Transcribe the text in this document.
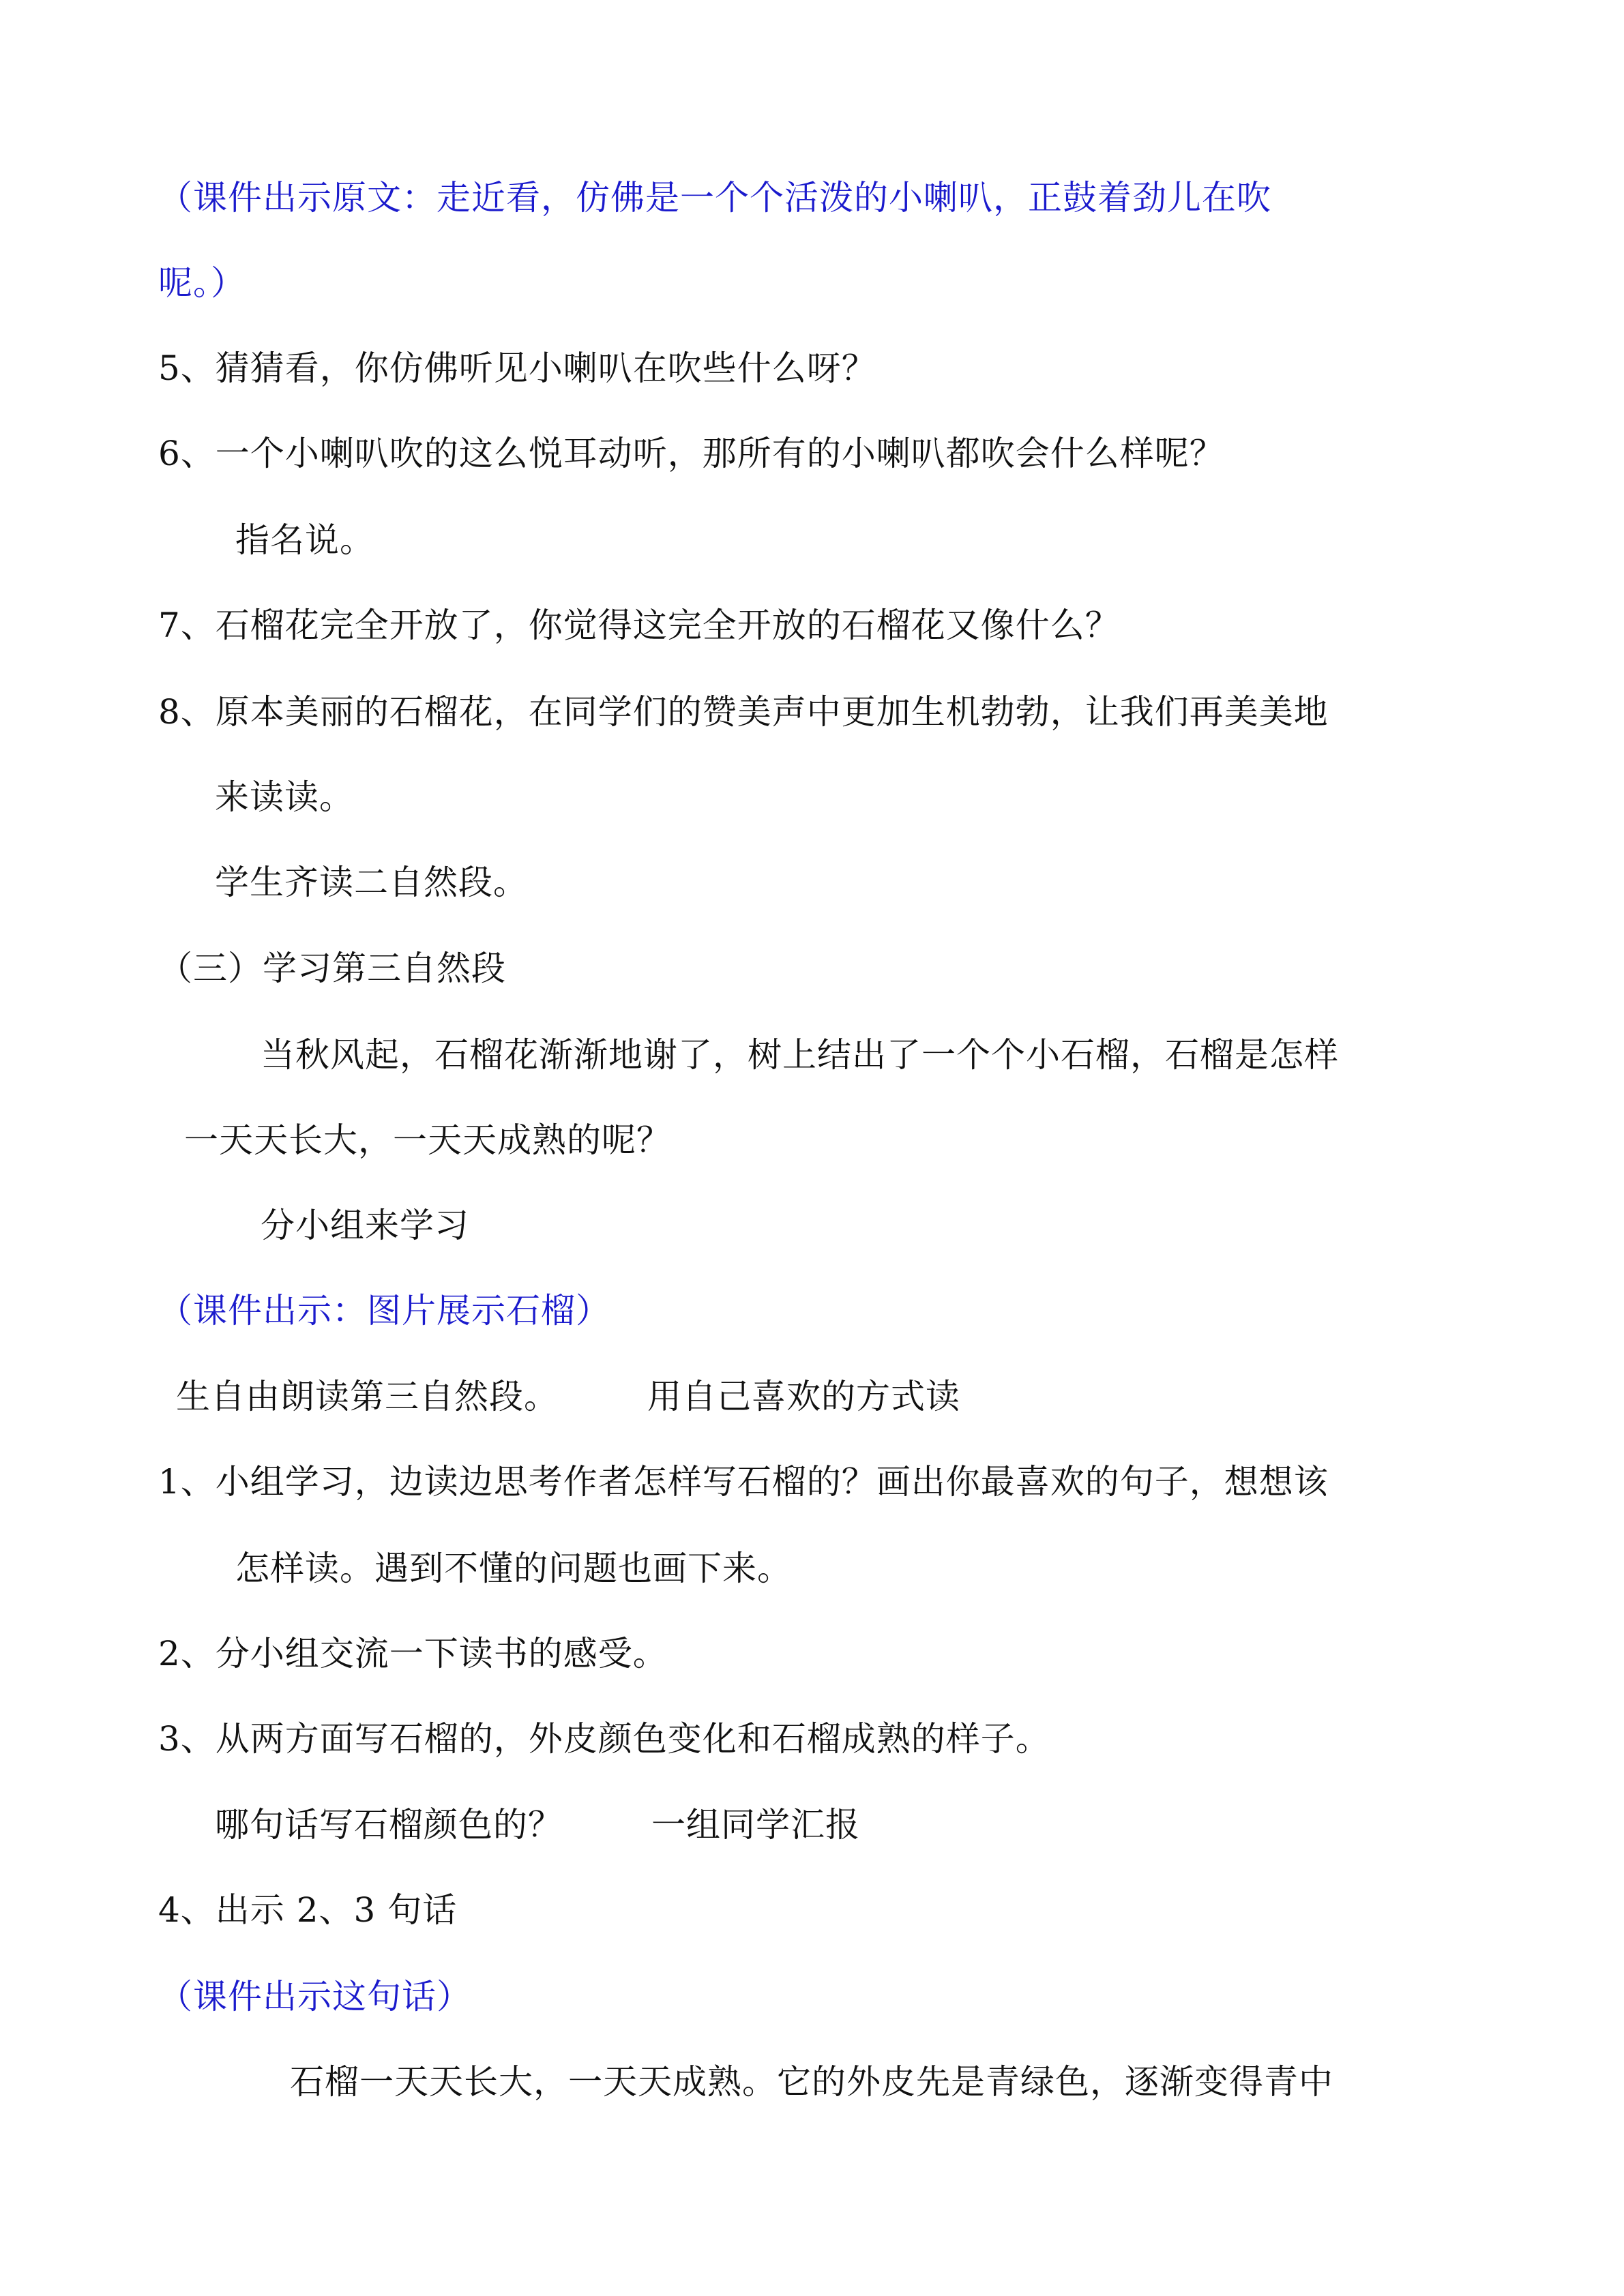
（课件出示原文：走近看，仿佛是一个个活泼的小喇叭，正鼓着劲儿在吹
呢。）
5、猜猜看，你仿佛听见小喇叭在吹些什么呀？
6、一个小喇叭吹的这么悦耳动听，那所有的小喇叭都吹会什么样呢？
指名说。
7、石榴花完全开放了，你觉得这完全开放的石榴花又像什么？
8、原本美丽的石榴花，在同学们的赞美声中更加生机勃勃，让我们再美美地
来读读。
学生齐读二自然段。
（三）学习第三自然段
当秋风起，石榴花渐渐地谢了，树上结出了一个个小石榴，石榴是怎样
一天天长大，一天天成熟的呢？
分小组来学习
（课件出示：图片展示石榴）
生自由朗读第三自然段。	用自己喜欢的方式读
1、小组学习，边读边思考作者怎样写石榴的？画出你最喜欢的句子，想想该
怎样读。遇到不懂的问题也画下来。
2、分小组交流一下读书的感受。
3、从两方面写石榴的，外皮颜色变化和石榴成熟的样子。
哪句话写石榴颜色的？	一组同学汇报
4、出示 2、3 句话
（课件出示这句话）
石榴一天天长大，一天天成熟。它的外皮先是青绿色，逐渐变得青中
